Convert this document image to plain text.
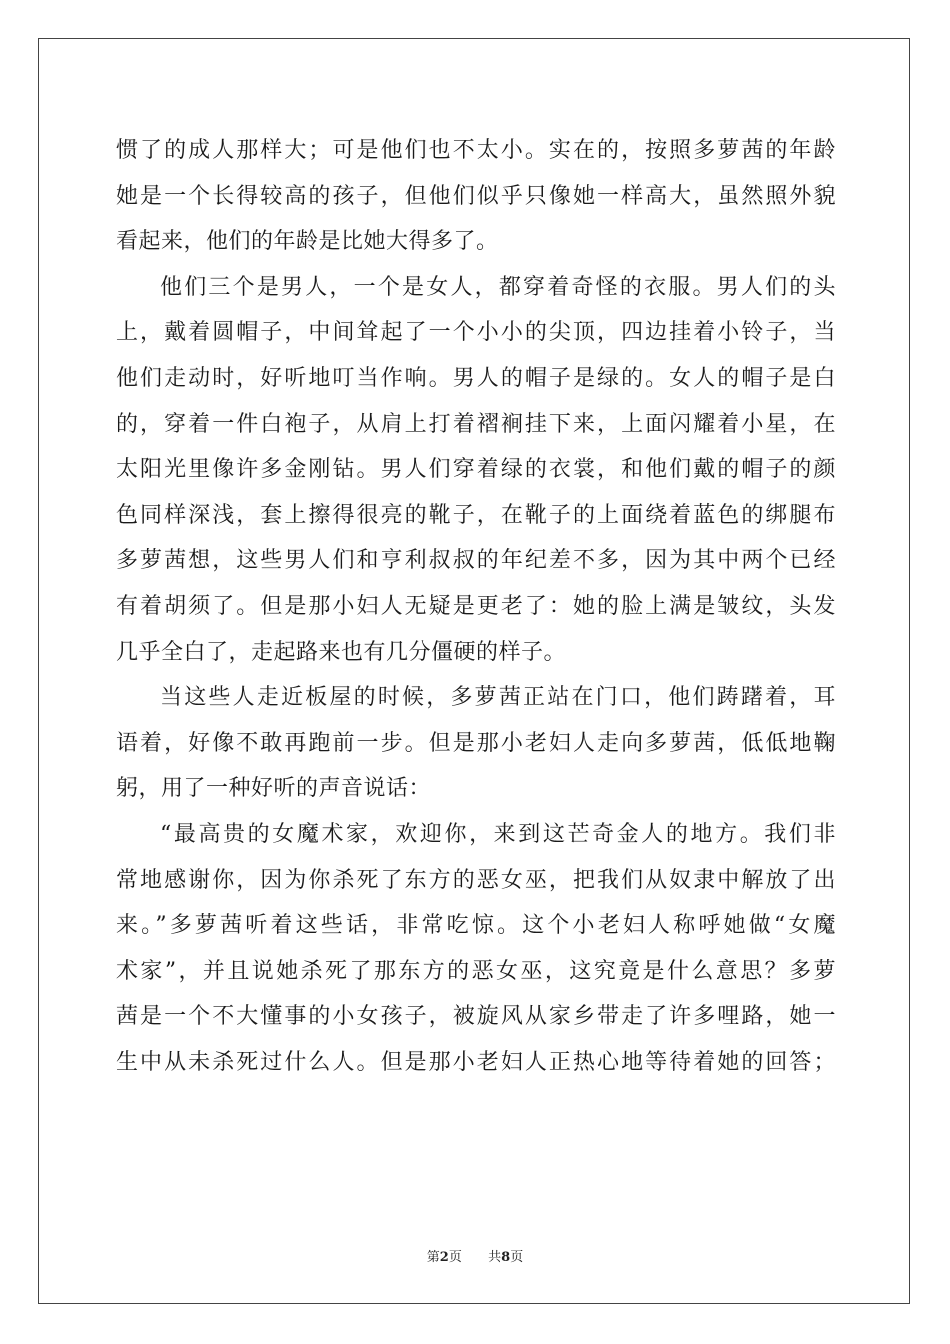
惯了的成人那样大；可是他们也不太小。实在的，按照多萝茜的年龄
她是一个长得较高的孩子，但他们似乎只像她一样高大，虽然照外貌
看起来，他们的年龄是比她大得多了。
他们三个是男人，一个是女人，都穿着奇怪的衣服。男人们的头
上，戴着圆帽子，中间耸起了一个小小的尖顶，四边挂着小铃子，当
他们走动时，好听地叮当作响。男人的帽子是绿的。女人的帽子是白
的，穿着一件白袍子，从肩上打着褶裥挂下来，上面闪耀着小星，在
太阳光里像许多金刚钻。男人们穿着绿的衣裳，和他们戴的帽子的颜
色同样深浅，套上擦得很亮的靴子，在靴子的上面绕着蓝色的绑腿布
多萝茜想，这些男人们和亨利叔叔的年纪差不多，因为其中两个已经
有着胡须了。但是那小妇人无疑是更老了：她的脸上满是皱纹，头发
几乎全白了，走起路来也有几分僵硬的样子。
当这些人走近板屋的时候，多萝茜正站在门口，他们踌躇着，耳
语着，好像不敢再跑前一步。但是那小老妇人走向多萝茜，低低地鞠
躬，用了一种好听的声音说话：
“最高贵的女魔术家，欢迎你，来到这芒奇金人的地方。我们非
常地感谢你，因为你杀死了东方的恶女巫，把我们从奴隶中解放了出
来。”多萝茜听着这些话，非常吃惊。这个小老妇人称呼她做“女魔
术家”，并且说她杀死了那东方的恶女巫，这究竟是什么意思？多萝
茜是一个不大懂事的小女孩子，被旋风从家乡带走了许多哩路，她一
生中从未杀死过什么人。但是那小老妇人正热心地等待着她的回答；
第2页 共8页
